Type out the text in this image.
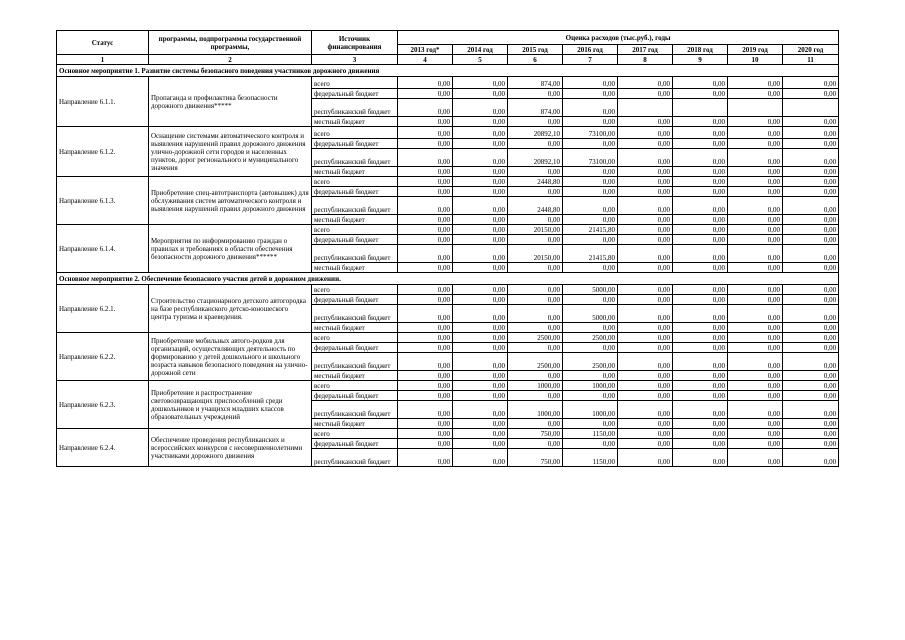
Статус	программы, подпрограммы государственной программы,	Источник финансирования	Оценка расходов (тыс.руб.), годы							
			2013 год*	2014 год	2015 год	2016 год	2017 год	2018 год	2019 год	2020 год
1	2	3	4	5	6	7	8	9	10	11
Основное мероприятие 1. Развитие системы безопасного поведения участников дорожного движения										
Направление 6.1.1.	Пропаганда и профилактика безопасности дорожного движения*****	всего	0,00	0,00	874,00	0,00	0,00	0,00	0,00	0,00
		федеральный бюджет	0,00	0,00	0,00	0,00	0,00	0,00	0,00	0,00
		республиканский бюджет	0,00	0,00	874,00	0,00				
		местный бюджет	0,00	0,00	0,00	0,00	0,00	0,00	0,00	0,00
Направление 6.1.2.	Оснащение системами автоматического контроля и выявления нарушений правил дорожного движения улично-дорожной сети городов и населенных пунктов, дорог регионального и муниципального значения	всего	0,00	0,00	20892,10	73100,00	0,00	0,00	0,00	0,00
		федеральный бюджет	0,00	0,00	0,00	0,00	0,00	0,00	0,00	0,00
		республиканский бюджет	0,00	0,00	20892,10	73100,00	0,00	0,00	0,00	0,00
		местный бюджет	0,00	0,00	0,00	0,00	0,00	0,00	0,00	0,00
Направление 6.1.3.	Приобретение спец-автотранспорта (автовышек) для обслуживания систем автоматического контроля и выявления нарушений правил дорожного движения	всего	0,00	0,00	2448,80	0,00	0,00	0,00	0,00	0,00
		федеральный бюджет	0,00	0,00	0,00	0,00	0,00	0,00	0,00	0,00
		республиканский бюджет	0,00	0,00	2448,80	0,00	0,00	0,00	0,00	0,00
		местный бюджет	0,00	0,00	0,00	0,00	0,00	0,00	0,00	0,00
Направление 6.1.4.	Мероприятия по информированию граждан о правилах и требованиях в области обеспечения безопасности дорожного движения******	всего	0,00	0,00	20150,00	21415,80	0,00	0,00	0,00	0,00
		федеральный бюджет	0,00	0,00	0,00	0,00	0,00	0,00	0,00	0,00
		республиканский бюджет	0,00	0,00	20150,00	21415,80	0,00	0,00	0,00	0,00
		местный бюджет	0,00	0,00	0,00	0,00	0,00	0,00	0,00	0,00
Основное мероприятие 2. Обеспечение безопасного участия детей в дорожном движении.										
Направление 6.2.1.	Строительство стационарного детского автогородка на базе республиканского детско-юношеского центра туризма и краеведения.	всего	0,00	0,00	0,00	5000,00	0,00	0,00	0,00	0,00
		федеральный бюджет	0,00	0,00	0,00	0,00	0,00	0,00	0,00	0,00
		республиканский бюджет	0,00	0,00	0,00	5000,00	0,00	0,00	0,00	0,00
		местный бюджет	0,00	0,00	0,00	0,00	0,00	0,00	0,00	0,00
Направление 6.2.2.	Приобретение мобильных автого-родков для организаций, осуществляющих деятельность по формированию у детей дошкольного и школьного возраста навыков безопасного поведения на улично-дорожной сети	всего	0,00	0,00	2500,00	2500,00	0,00	0,00	0,00	0,00
		федеральный бюджет	0,00	0,00	0,00	0,00	0,00	0,00	0,00	0,00
		республиканский бюджет	0,00	0,00	2500,00	2500,00	0,00	0,00	0,00	0,00
		местный бюджет	0,00	0,00	0,00	0,00	0,00	0,00	0,00	0,00
Направление 6.2.3.	Приобретение и распространение световозвращающих приспособлений среди дошкольников и учащихся младших классов образовательных учреждений	всего	0,00	0,00	1000,00	1000,00	0,00	0,00	0,00	0,00
		федеральный бюджет	0,00	0,00	0,00	0,00	0,00	0,00	0,00	0,00
		республиканский бюджет	0,00	0,00	1000,00	1000,00	0,00	0,00	0,00	0,00
		местный бюджет	0,00	0,00	0,00	0,00	0,00	0,00	0,00	0,00
Направление 6.2.4.	Обеспечение проведения республиканских и всероссийских конкурсов с несовершеннолетними участниками дорожного движения	всего	0,00	0,00	750,00	1150,00	0,00	0,00	0,00	0,00
		федеральный бюджет	0,00	0,00	0,00	0,00	0,00	0,00	0,00	0,00
		республиканский бюджет	0,00	0,00	750,00	1150,00	0,00	0,00	0,00	0,00
